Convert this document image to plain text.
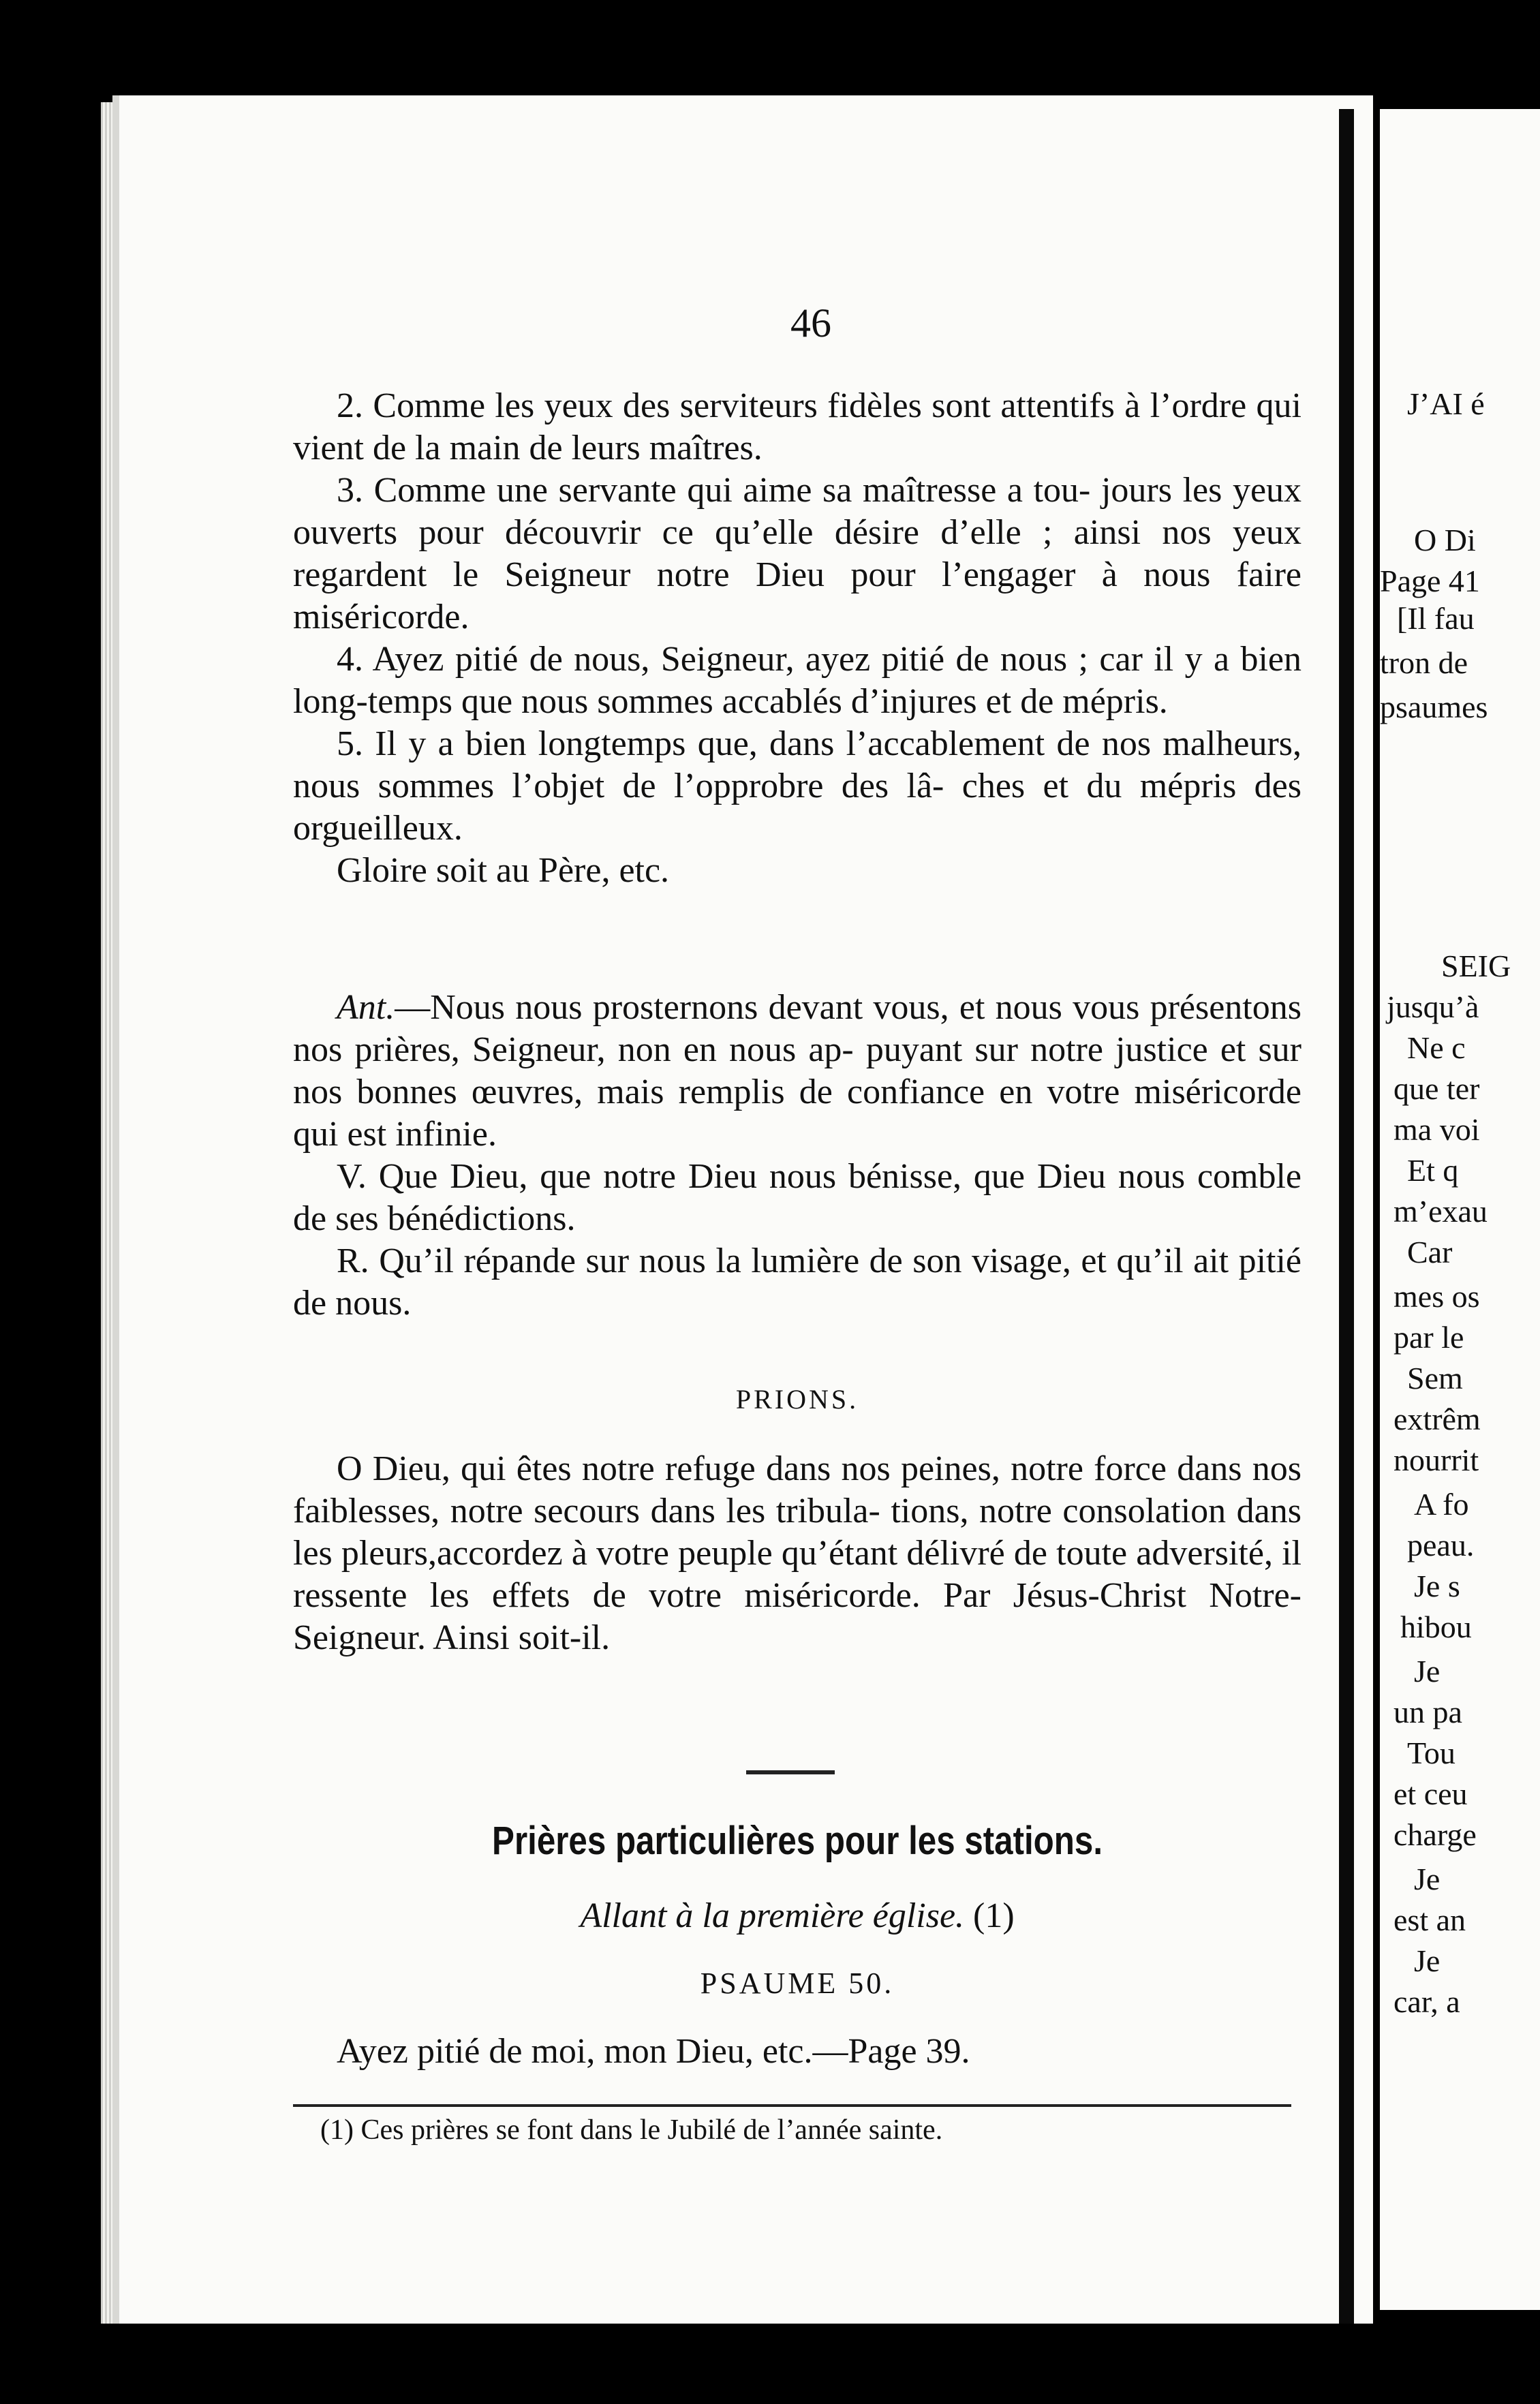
J’AI é
O Di
Page 41
[Il fau
tron de
psaumes
SEIG
jusqu’à
Ne c
que ter
ma voi
Et q
m’exau
Car
mes os
par le
Sem
extrêm
nourrit
A fo
peau.
Je s
hibou
Je
un pa
Tou
et ceu
charge
Je
est an
Je
car, a
46

2. Comme les yeux des serviteurs fidèles sont attentifs à l’ordre qui vient de la main de leurs maîtres.

3. Comme une servante qui aime sa maîtresse a tou- jours les yeux ouverts pour découvrir ce qu’elle désire d’elle ; ainsi nos yeux regardent le Seigneur notre Dieu pour l’engager à nous faire miséricorde.

4. Ayez pitié de nous, Seigneur, ayez pitié de nous ; car il y a bien long-temps que nous sommes accablés d’injures et de mépris.

5. Il y a bien longtemps que, dans l’accablement de nos malheurs, nous sommes l’objet de l’opprobre des lâ- ches et du mépris des orgueilleux.

Gloire soit au Père, etc.

Ant.—Nous nous prosternons devant vous, et nous vous présentons nos prières, Seigneur, non en nous ap- puyant sur notre justice et sur nos bonnes œuvres, mais remplis de confiance en votre miséricorde qui est infinie.

V. Que Dieu, que notre Dieu nous bénisse, que Dieu nous comble de ses bénédictions.

R. Qu’il répande sur nous la lumière de son visage, et qu’il ait pitié de nous.

PRIONS.

O Dieu, qui êtes notre refuge dans nos peines, notre force dans nos faiblesses, notre secours dans les tribula- tions, notre consolation dans les pleurs,accordez à votre peuple qu’étant délivré de toute adversité, il ressente les effets de votre miséricorde. Par Jésus-Christ Notre- Seigneur. Ainsi soit-il.

Prières particulières pour les stations.
Allant à la première église. (1)
PSAUME 50.

Ayez pitié de moi, mon Dieu, etc.—Page 39.

(1) Ces prières se font dans le Jubilé de l’année sainte.
